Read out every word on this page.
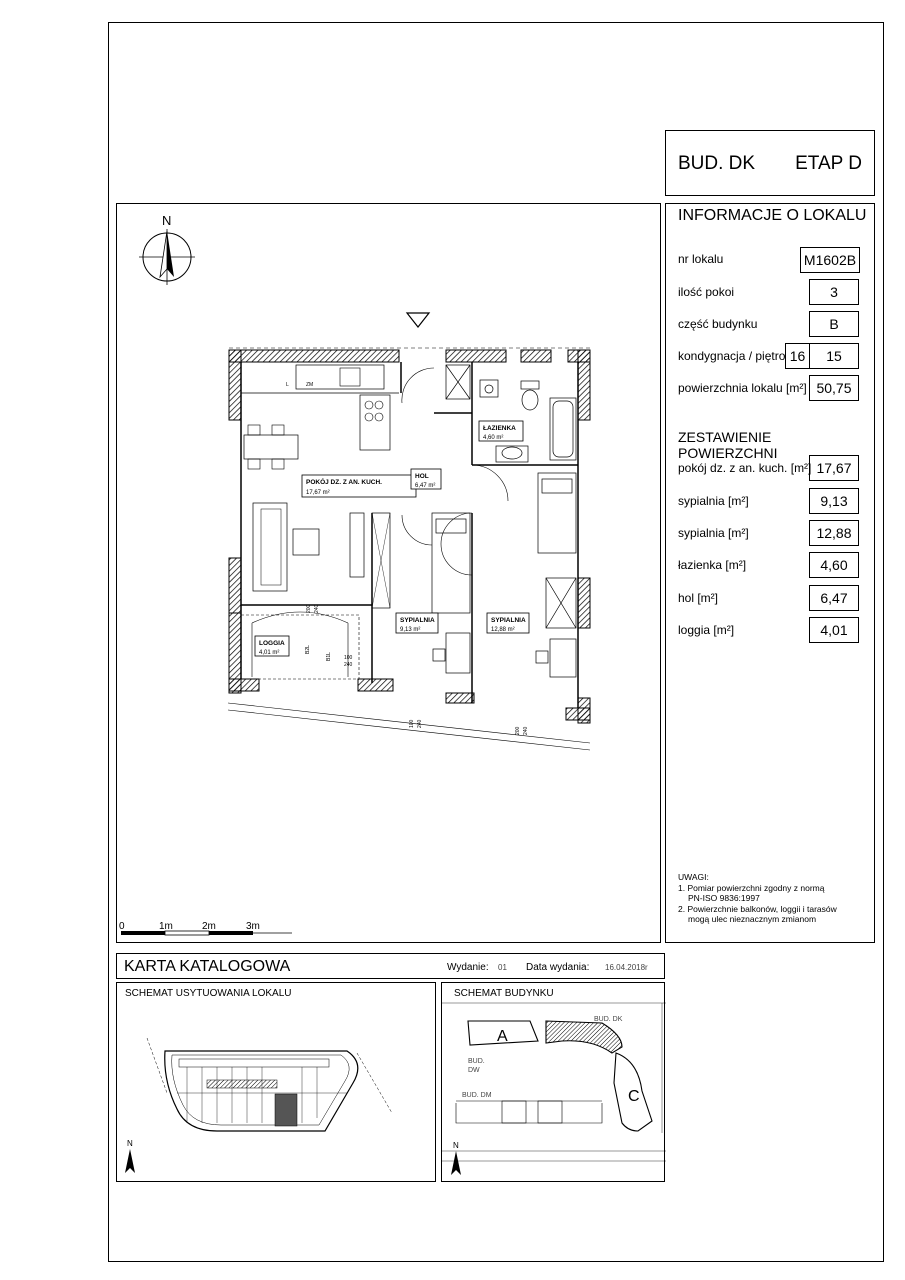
BUD. DK ETAP D
INFORMACJE O LOKALU
nr lokalu	M1602B
ilość pokoi	3
część budynku	B
kondygnacja / piętro 16	15
powierzchnia lokalu [m²] 50,75
ZESTAWIENIE POWIERZCHNI
pokój dz. z an. kuch. [m²] 17,67
sypialnia [m²]	9,13
sypialnia [m²]	12,88
łazienka [m²]	4,60
hol [m²]	6,47
loggia [m²]	4,01
UWAGI:
1. Pomiar powierzchni zgodny z normą
PN-ISO 9836:1997
2. Powierzchnie balkonów, loggii i tarasów
mogą ulec nieznacznym zmianom
N
L	ZM
POKÓJ DZ. Z AN. KUCH.
17,67 m²
HOL
6,47 m²
ŁAZIENKA
4,60 m²
SYPIALNIA
9,13 m²
SYPIALNIA
12,88 m²
LOGGIA
4,01 m²
200 240
100
240
100 240
200 240
B2L
B1L
0	1m	2m	3m
KARTA KATALOGOWA	Wydanie: 01 Data wydania: 16.04.2018r
SCHEMAT USYTUOWANIA LOKALU
N
SCHEMAT BUDYNKU
A
C
BUD. DK
BUD.
DW
BUD. DM
N
